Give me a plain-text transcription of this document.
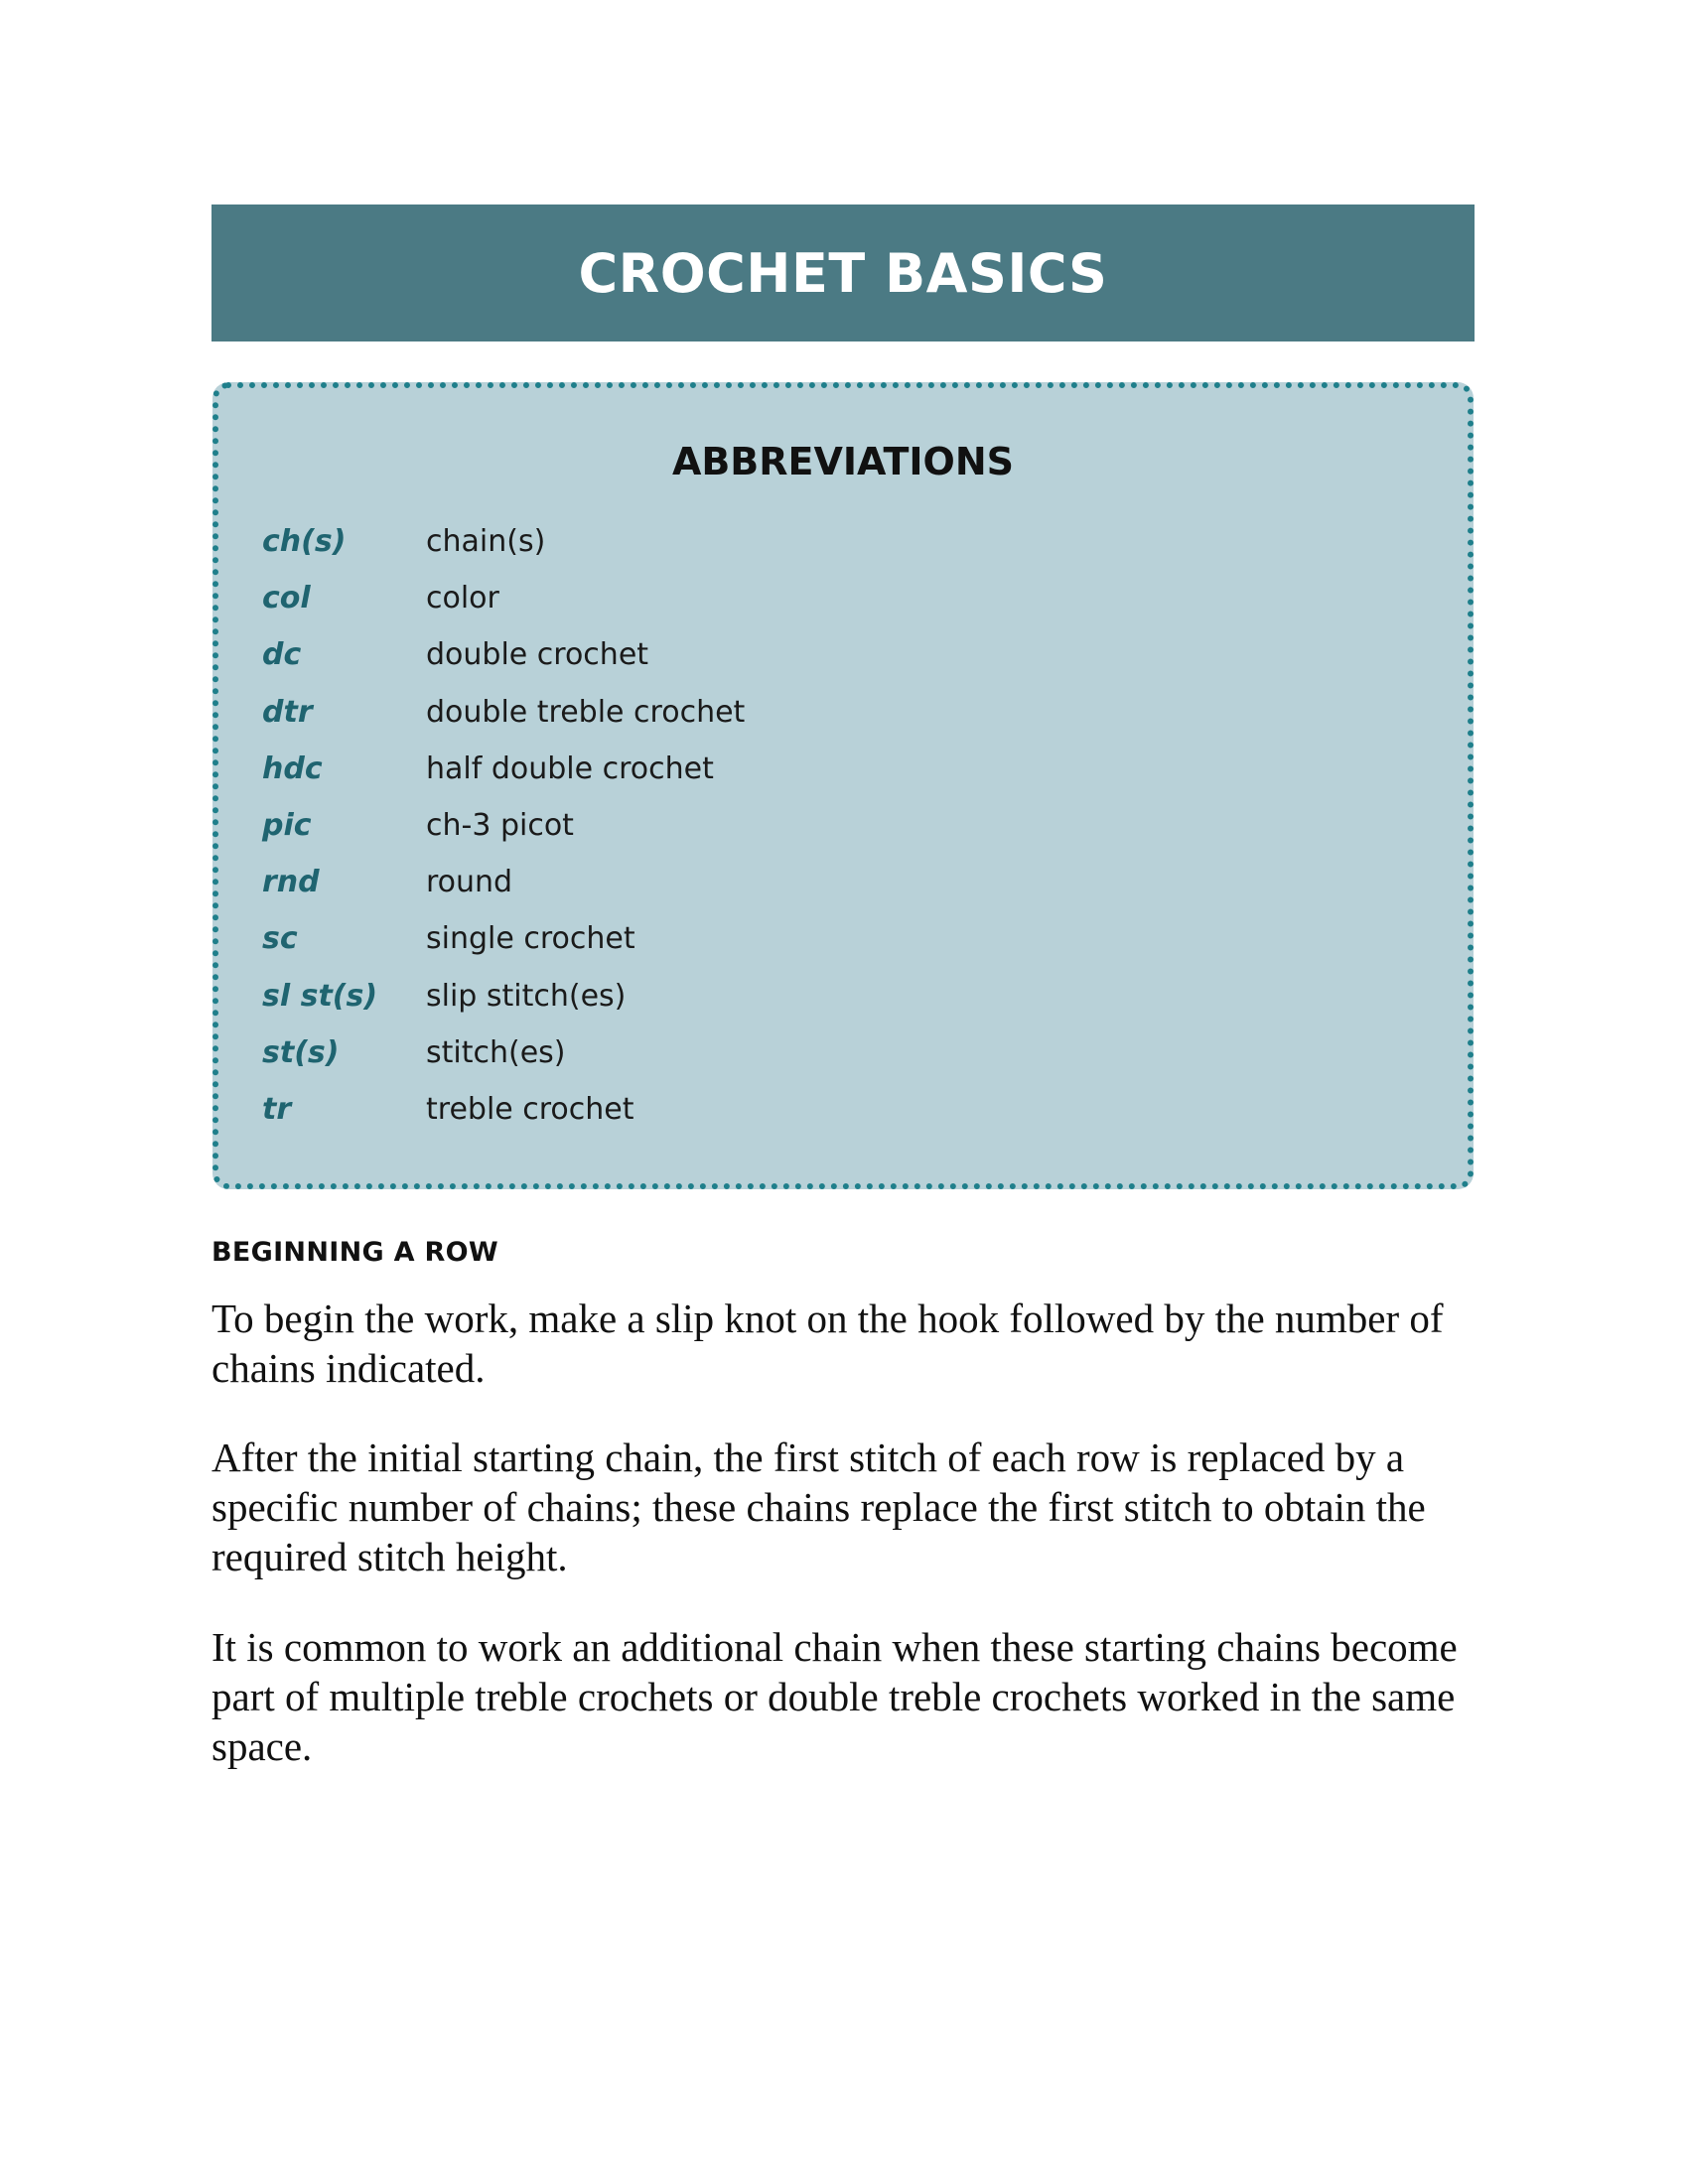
CROCHET BASICS
ABBREVIATIONS
ch(s)	chain(s)
col	color
dc	double crochet
dtr	double treble crochet
hdc	half double crochet
pic	ch-3 picot
rnd	round
sc	single crochet
sl st(s)	slip stitch(es)
st(s)	stitch(es)
tr	treble crochet
BEGINNING A ROW

To begin the work, make a slip knot on the hook followed by the number of chains indicated.

After the initial starting chain, the first stitch of each row is replaced by a specific number of chains; these chains replace the first stitch to obtain the required stitch height.

It is common to work an additional chain when these starting chains become part of multiple treble crochets or double treble crochets worked in the same space.
